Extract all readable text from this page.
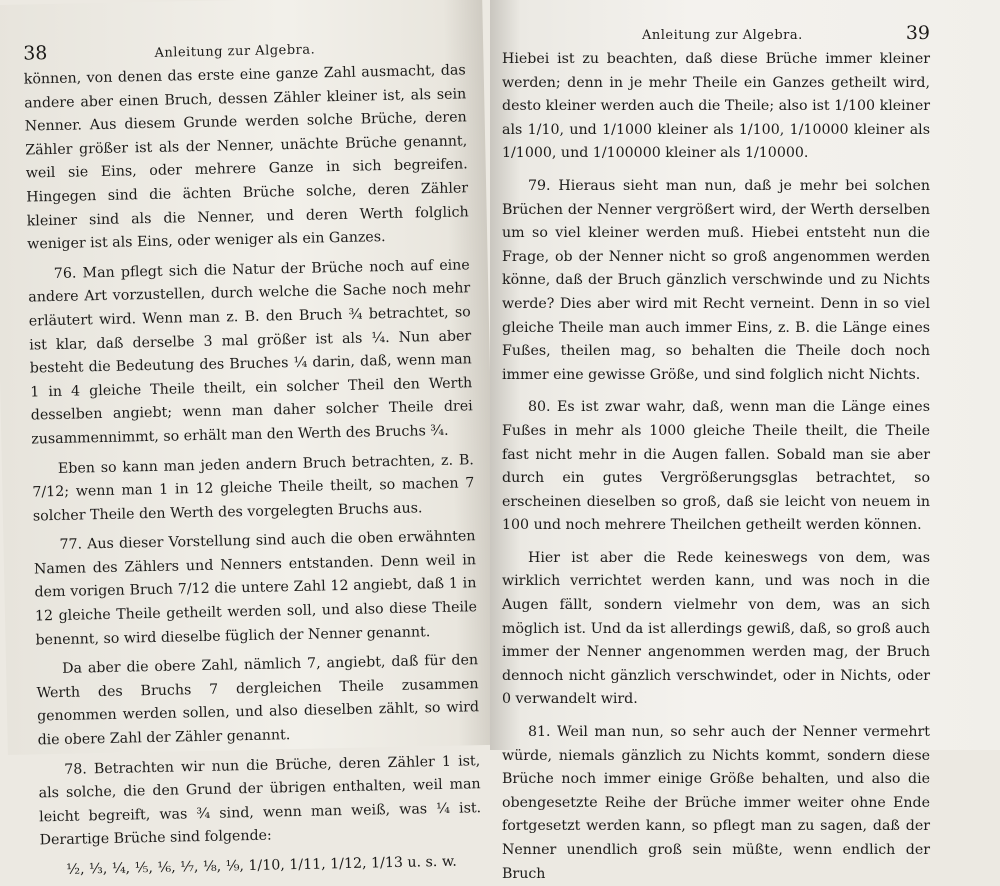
38	Anleitung zur Algebra.

können, von denen das erste eine ganze Zahl ausmacht, das andere aber einen Bruch, dessen Zähler kleiner ist, als sein Nenner. Aus diesem Grunde werden solche Brüche, deren Zähler größer ist als der Nenner, unächte Brüche genannt, weil sie Eins, oder mehrere Ganze in sich begreifen. Hingegen sind die ächten Brüche solche, deren Zähler kleiner sind als die Nenner, und deren Werth folglich weniger ist als Eins, oder weniger als ein Ganzes.

76. Man pflegt sich die Natur der Brüche noch auf eine andere Art vorzustellen, durch welche die Sache noch mehr erläutert wird. Wenn man z. B. den Bruch ¾ betrachtet, so ist klar, daß derselbe 3 mal größer ist als ¼. Nun aber besteht die Bedeutung des Bruches ¼ darin, daß, wenn man 1 in 4 gleiche Theile theilt, ein solcher Theil den Werth desselben angiebt; wenn man daher solcher Theile drei zusammennimmt, so erhält man den Werth des Bruchs ¾.

Eben so kann man jeden andern Bruch betrachten, z. B. 7/12; wenn man 1 in 12 gleiche Theile theilt, so machen 7 solcher Theile den Werth des vorgelegten Bruchs aus.

77. Aus dieser Vorstellung sind auch die oben erwähnten Namen des Zählers und Nenners entstanden. Denn weil in dem vorigen Bruch 7/12 die untere Zahl 12 angiebt, daß 1 in 12 gleiche Theile getheilt werden soll, und also diese Theile benennt, so wird dieselbe füglich der Nenner genannt.

Da aber die obere Zahl, nämlich 7, angiebt, daß für den Werth des Bruchs 7 dergleichen Theile zusammen genommen werden sollen, und also dieselben zählt, so wird die obere Zahl der Zähler genannt.

78. Betrachten wir nun die Brüche, deren Zähler 1 ist, als solche, die den Grund der übrigen enthalten, weil man leicht begreift, was ¾ sind, wenn man weiß, was ¼ ist. Derartige Brüche sind folgende:

½, ⅓, ¼, ⅕, ⅙, ⅐, ⅛, ⅑, 1/10, 1/11, 1/12, 1/13 u. s. w.

Anleitung zur Algebra.	39

Hiebei ist zu beachten, daß diese Brüche immer kleiner werden; denn in je mehr Theile ein Ganzes getheilt wird, desto kleiner werden auch die Theile; also ist 1/100 kleiner als 1/10, und 1/1000 kleiner als 1/100, 1/10000 kleiner als 1/1000, und 1/100000 kleiner als 1/10000.

79. Hieraus sieht man nun, daß je mehr bei solchen Brüchen der Nenner vergrößert wird, der Werth derselben um so viel kleiner werden muß. Hiebei entsteht nun die Frage, ob der Nenner nicht so groß angenommen werden könne, daß der Bruch gänzlich verschwinde und zu Nichts werde? Dies aber wird mit Recht verneint. Denn in so viel gleiche Theile man auch immer Eins, z. B. die Länge eines Fußes, theilen mag, so behalten die Theile doch noch immer eine gewisse Größe, und sind folglich nicht Nichts.

80. Es ist zwar wahr, daß, wenn man die Länge eines Fußes in mehr als 1000 gleiche Theile theilt, die Theile fast nicht mehr in die Augen fallen. Sobald man sie aber durch ein gutes Vergrößerungsglas betrachtet, so erscheinen dieselben so groß, daß sie leicht von neuem in 100 und noch mehrere Theilchen getheilt werden können.

Hier ist aber die Rede keineswegs von dem, was wirklich verrichtet werden kann, und was noch in die Augen fällt, sondern vielmehr von dem, was an sich möglich ist. Und da ist allerdings gewiß, daß, so groß auch immer der Nenner angenommen werden mag, der Bruch dennoch nicht gänzlich verschwindet, oder in Nichts, oder 0 verwandelt wird.

81. Weil man nun, so sehr auch der Nenner vermehrt würde, niemals gänzlich zu Nichts kommt, sondern diese Brüche noch immer einige Größe behalten, und also die obengesetzte Reihe der Brüche immer weiter ohne Ende fortgesetzt werden kann, so pflegt man zu sagen, daß der Nenner unendlich groß sein müßte, wenn endlich der Bruch
